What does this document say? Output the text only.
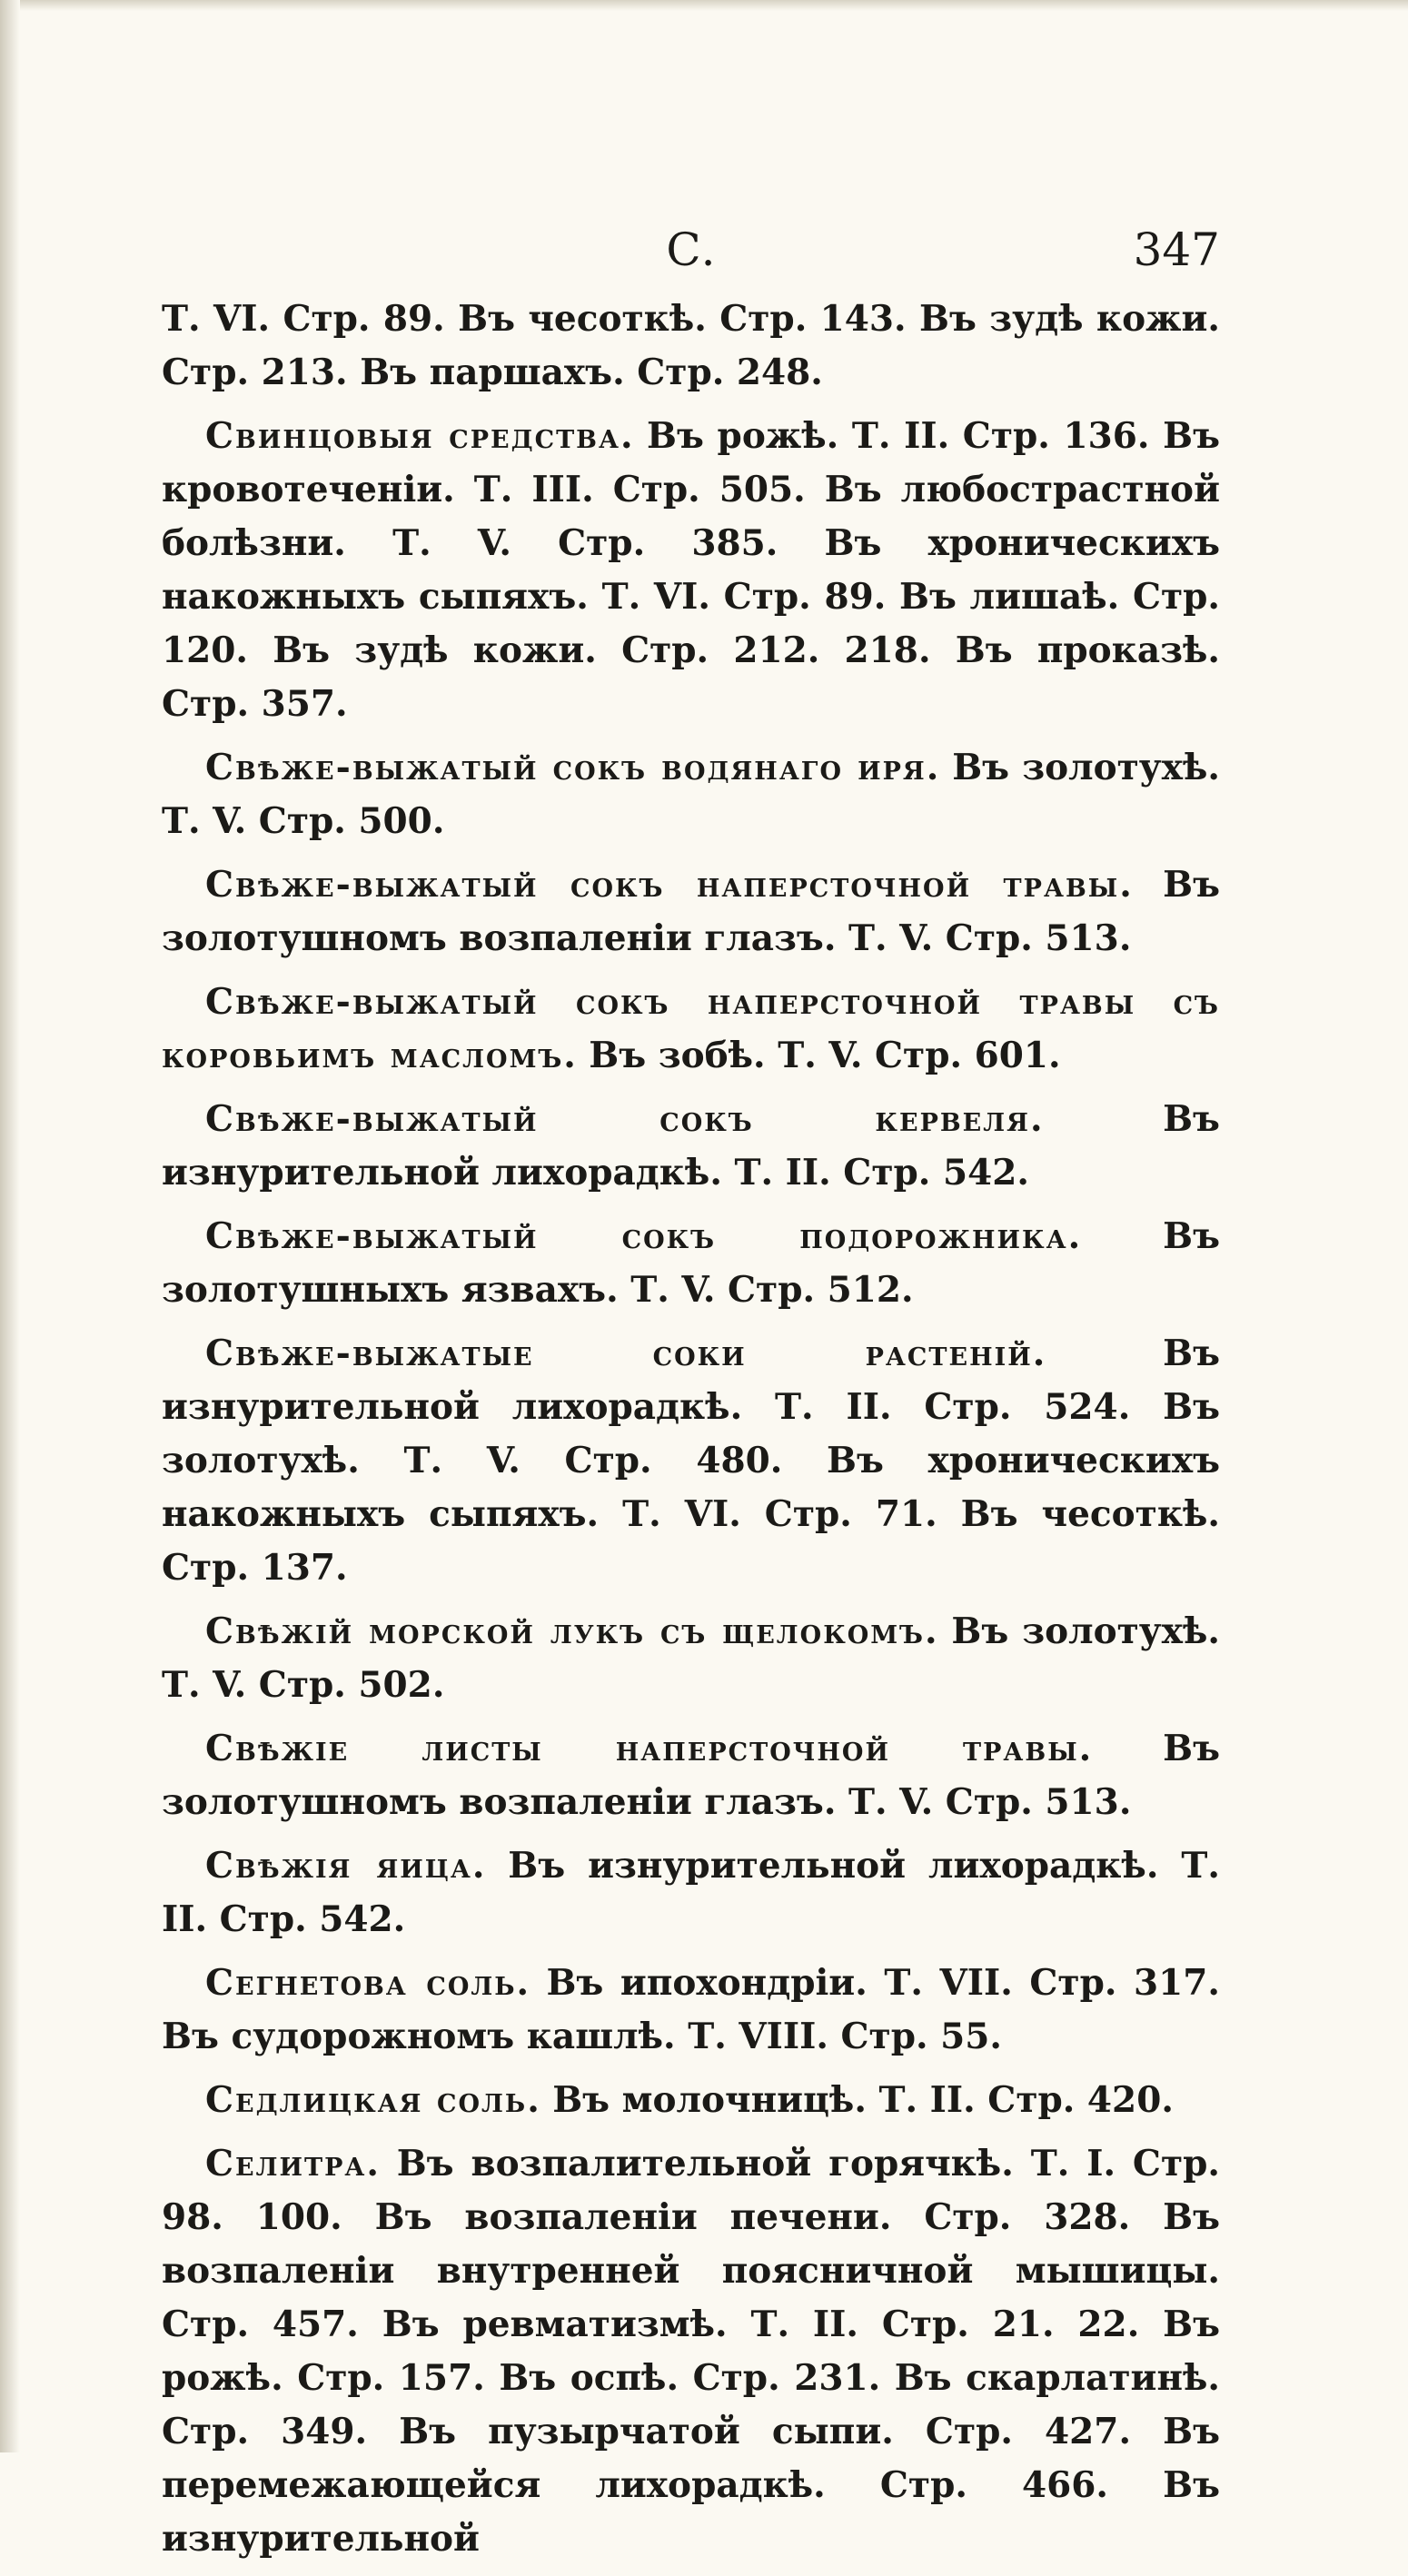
С.	347

Т. VI. Стр. 89. Въ чесоткѣ. Стр. 143. Въ зудѣ кожи. Стр. 213. Въ паршахъ. Стр. 248.

Свинцовыя средства. Въ рожѣ. Т. II. Стр. 136. Въ кровотеченіи. Т. III. Стр. 505. Въ любострастной болѣзни. Т. V. Стр. 385. Въ хроническихъ накожныхъ сыпяхъ. Т. VI. Стр. 89. Въ лишаѣ. Стр. 120. Въ зудѣ кожи. Стр. 212. 218. Въ проказѣ. Стр. 357.

Свѣже-выжатый сокъ водянаго иря. Въ золотухѣ. Т. V. Стр. 500.

Свѣже-выжатый сокъ наперсточной травы. Въ золотушномъ возпаленіи глазъ. Т. V. Стр. 513.

Свѣже-выжатый сокъ наперсточной травы съ коровьимъ масломъ. Въ зобѣ. Т. V. Стр. 601.

Свѣже-выжатый сокъ кервеля.	Въ изнурительной лихорадкѣ. Т. II. Стр. 542.

Свѣже-выжатый сокъ подорожника. Въ золотушныхъ язвахъ. Т. V. Стр. 512.

Свѣже-выжатые соки растеній.	Въ изнурительной лихорадкѣ. Т. II. Стр. 524. Въ золотухѣ. Т. V. Стр. 480. Въ хроническихъ накожныхъ сыпяхъ. Т. VI. Стр. 71. Въ чесоткѣ. Стр. 137.

Свѣжій морской лукъ съ щелокомъ. Въ золотухѣ. Т. V. Стр. 502.

Свѣжіе листы наперсточной травы. Въ золотушномъ возпаленіи глазъ. Т. V. Стр. 513.

Свѣжія яица. Въ изнурительной лихорадкѣ. Т. II. Стр. 542.

Сегнетова соль. Въ ипохондріи. Т. VII. Стр. 317. Въ судорожномъ кашлѣ. Т. VIII. Стр. 55.

Седлицкая соль. Въ молочницѣ. Т. II. Стр. 420.

Селитра. Въ возпалительной горячкѣ. Т. I. Стр. 98. 100. Въ возпаленіи печени. Стр. 328. Въ возпаленіи внутренней поясничной мышицы. Стр. 457. Въ ревматизмѣ. Т. II. Стр. 21. 22. Въ рожѣ. Стр. 157. Въ оспѣ. Стр. 231. Въ скарлатинѣ. Стр. 349. Въ пузырчатой сыпи. Стр. 427. Въ перемежающейся лихорадкѣ. Стр. 466. Въ изнурительной
